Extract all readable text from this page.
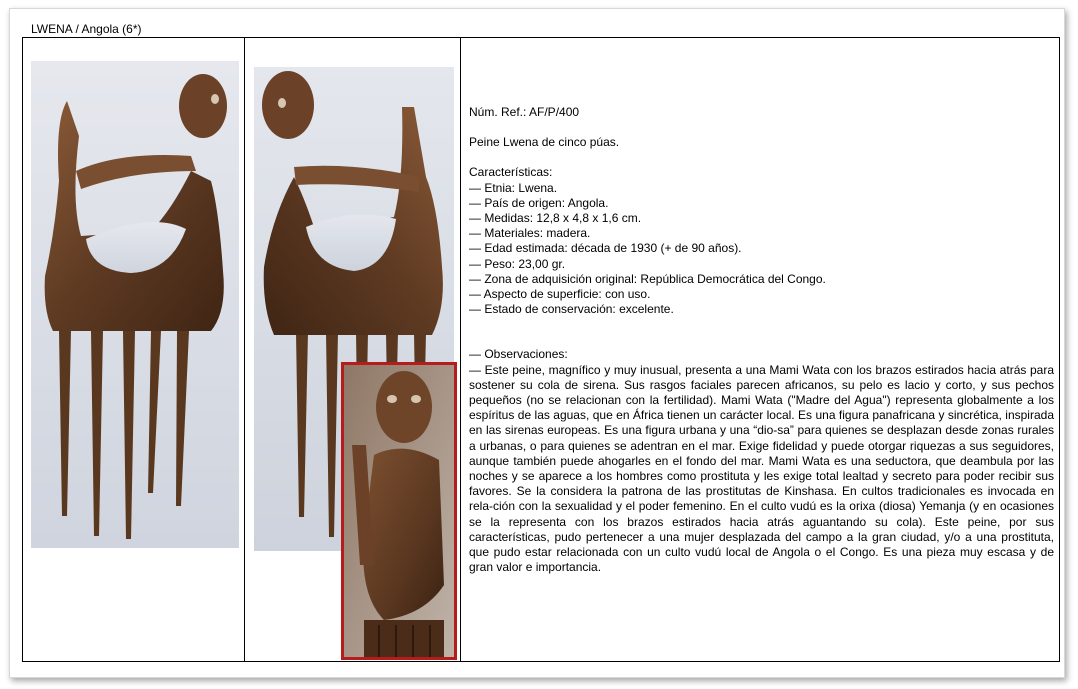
LWENA / Angola (6*)

Núm. Ref.: AF/P/400

Peine Lwena de cinco púas.

Características:

— Etnia: Lwena.

— País de origen: Angola.

— Medidas: 12,8 x 4,8 x 1,6 cm.

— Materiales: madera.

— Edad estimada: década de 1930 (+ de 90 años).

— Peso: 23,00 gr.

— Zona de adquisición original: República Democrática del Congo.

— Aspecto de superficie: con uso.

— Estado de conservación: excelente.

— Observaciones:

— Este peine, magnífico y muy inusual, presenta a una Mami Wata con los brazos estirados hacia atrás para sostener su cola de sirena. Sus rasgos faciales parecen africanos, su pelo es lacio y corto, y sus pechos pequeños (no se relacionan con la fertilidad). Mami Wata ("Madre del Agua") representa globalmente a los espíritus de las aguas, que en África tienen un carácter local. Es una figura panafricana y sincrética, inspirada en las sirenas europeas. Es una figura urbana y una “dio-sa” para quienes se desplazan desde zonas rurales a urbanas, o para quienes se adentran en el mar. Exige fidelidad y puede otorgar riquezas a sus seguidores, aunque también puede ahogarles en el fondo del mar. Mami Wata es una seductora, que deambula por las noches y se aparece a los hombres como prostituta y les exige total lealtad y secreto para poder recibir sus favores. Se la considera la patrona de las prostitutas de Kinshasa. En cultos tradicionales es invocada en rela-ción con la sexualidad y el poder femenino. En el culto vudú es la orixa (diosa) Yemanja (y en ocasiones se la representa con los brazos estirados hacia atrás aguantando su cola). Este peine, por sus características, pudo pertenecer a una mujer desplazada del campo a la gran ciudad, y/o a una prostituta, que pudo estar relacionada con un culto vudú local de Angola o el Congo. Es una pieza muy escasa y de gran valor e importancia.
